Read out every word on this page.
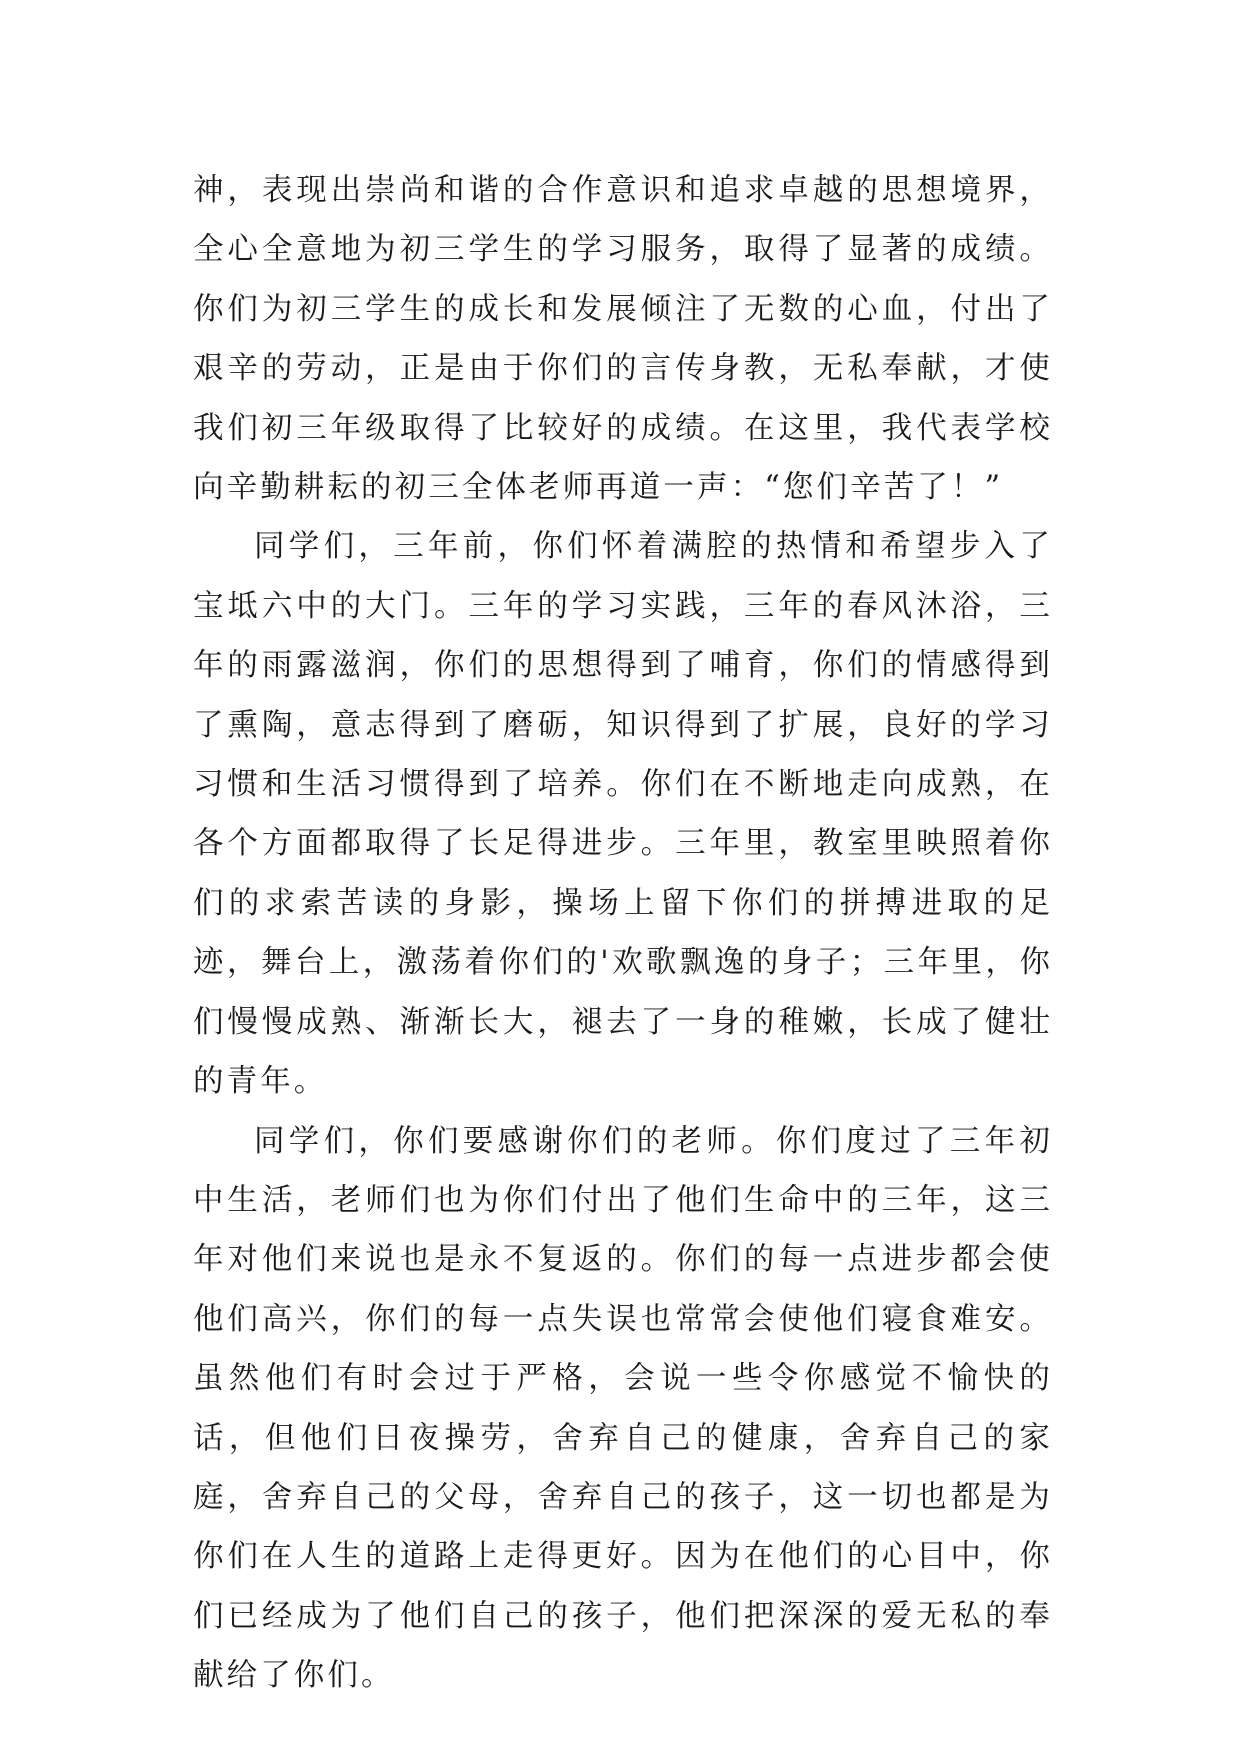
神，表现出崇尚和谐的合作意识和追求卓越的思想境界，全心全意地为初三学生的学习服务，取得了显著的成绩。你们为初三学生的成长和发展倾注了无数的心血，付出了艰辛的劳动，正是由于你们的言传身教，无私奉献，才使我们初三年级取得了比较好的成绩。在这里，我代表学校向辛勤耕耘的初三全体老师再道一声：“您们辛苦了！”

同学们，三年前，你们怀着满腔的热情和希望步入了宝坻六中的大门。三年的学习实践，三年的春风沐浴，三年的雨露滋润，你们的思想得到了哺育，你们的情感得到了熏陶，意志得到了磨砺，知识得到了扩展，良好的学习习惯和生活习惯得到了培养。你们在不断地走向成熟，在各个方面都取得了长足得进步。三年里，教室里映照着你们的求索苦读的身影，操场上留下你们的拼搏进取的足迹，舞台上，激荡着你们的'欢歌飘逸的身子；三年里，你们慢慢成熟、渐渐长大，褪去了一身的稚嫩，长成了健壮的青年。

同学们，你们要感谢你们的老师。你们度过了三年初中生活，老师们也为你们付出了他们生命中的三年，这三年对他们来说也是永不复返的。你们的每一点进步都会使他们高兴，你们的每一点失误也常常会使他们寝食难安。虽然他们有时会过于严格，会说一些令你感觉不愉快的话，但他们日夜操劳，舍弃自己的健康，舍弃自己的家庭，舍弃自己的父母，舍弃自己的孩子，这一切也都是为你们在人生的道路上走得更好。因为在他们的心目中，你们已经成为了他们自己的孩子，他们把深深的爱无私的奉献给了你们。
